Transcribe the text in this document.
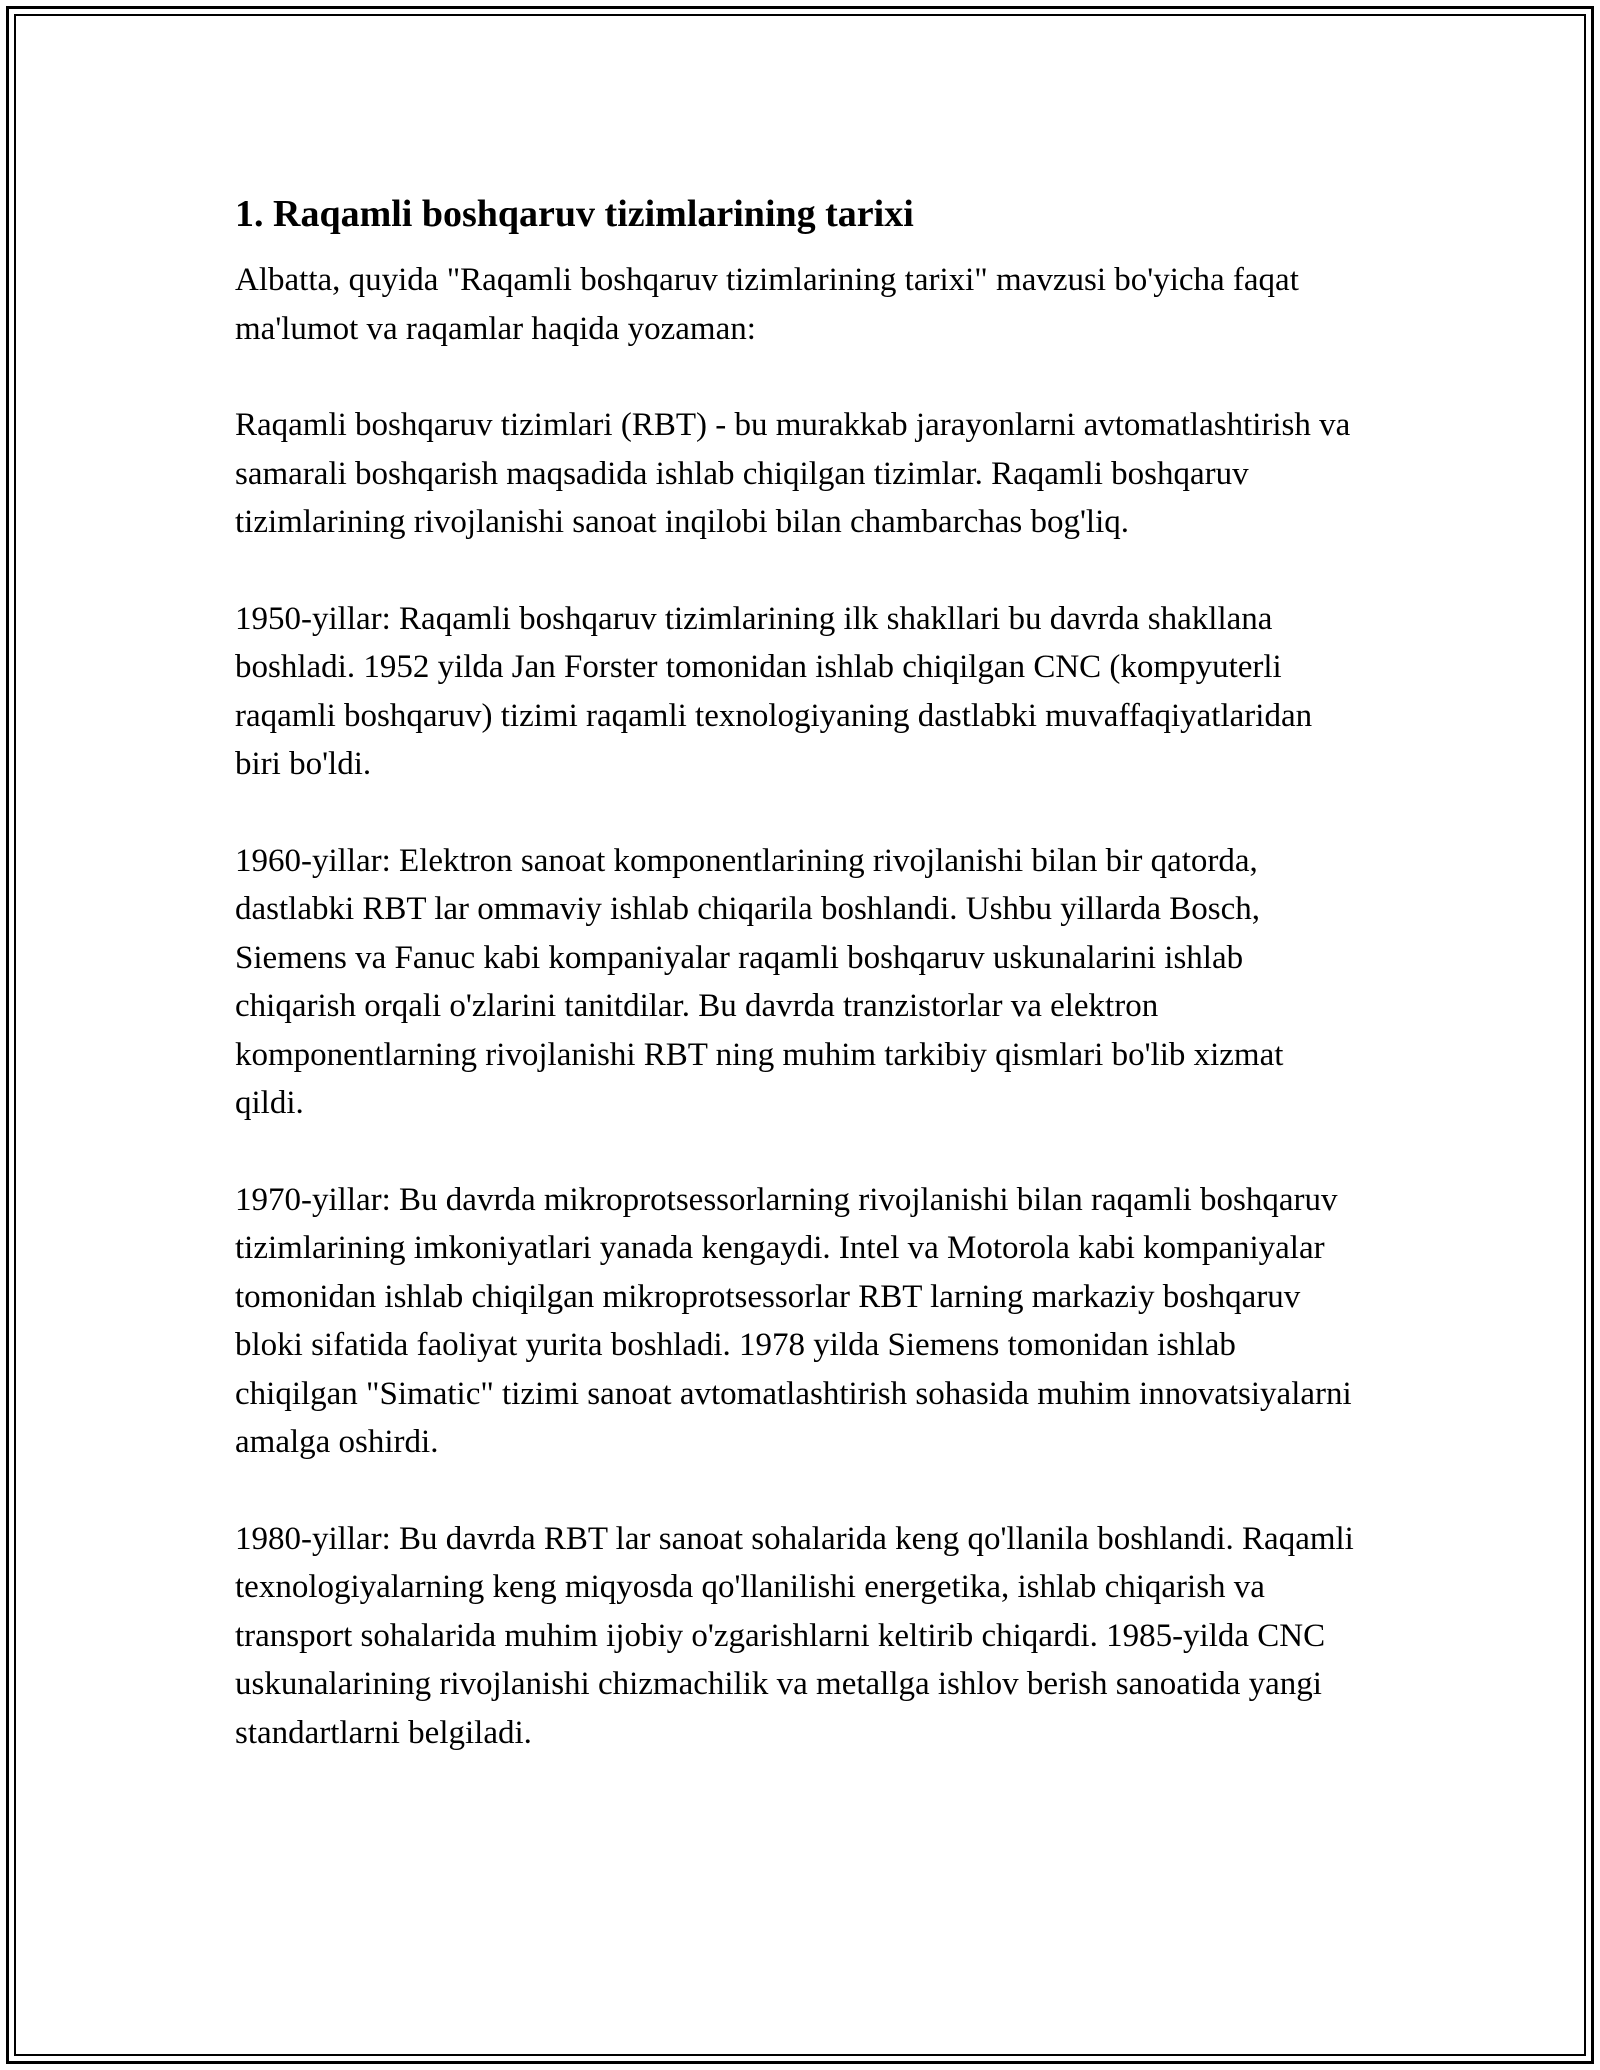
1. Raqamli boshqaruv tizimlarining tarixi

Albatta, quyida "Raqamli boshqaruv tizimlarining tarixi" mavzusi bo'yicha faqat ma'lumot va raqamlar haqida yozaman:

Raqamli boshqaruv tizimlari (RBT) - bu murakkab jarayonlarni avtomatlashtirish va samarali boshqarish maqsadida ishlab chiqilgan tizimlar. Raqamli boshqaruv tizimlarining rivojlanishi sanoat inqilobi bilan chambarchas bog'liq.

1950-yillar: Raqamli boshqaruv tizimlarining ilk shakllari bu davrda shakllana boshladi. 1952 yilda Jan Forster tomonidan ishlab chiqilgan CNC (kompyuterli raqamli boshqaruv) tizimi raqamli texnologiyaning dastlabki muvaffaqiyatlaridan biri bo'ldi.

1960-yillar: Elektron sanoat komponentlarining rivojlanishi bilan bir qatorda, dastlabki RBT lar ommaviy ishlab chiqarila boshlandi. Ushbu yillarda Bosch, Siemens va Fanuc kabi kompaniyalar raqamli boshqaruv uskunalarini ishlab chiqarish orqali o'zlarini tanitdilar. Bu davrda tranzistorlar va elektron komponentlarning rivojlanishi RBT ning muhim tarkibiy qismlari bo'lib xizmat qildi.

1970-yillar: Bu davrda mikroprotsessorlarning rivojlanishi bilan raqamli boshqaruv tizimlarining imkoniyatlari yanada kengaydi. Intel va Motorola kabi kompaniyalar tomonidan ishlab chiqilgan mikroprotsessorlar RBT larning markaziy boshqaruv bloki sifatida faoliyat yurita boshladi. 1978 yilda Siemens tomonidan ishlab chiqilgan "Simatic" tizimi sanoat avtomatlashtirish sohasida muhim innovatsiyalarni amalga oshirdi.

1980-yillar: Bu davrda RBT lar sanoat sohalarida keng qo'llanila boshlandi. Raqamli texnologiyalarning keng miqyosda qo'llanilishi energetika, ishlab chiqarish va transport sohalarida muhim ijobiy o'zgarishlarni keltirib chiqardi. 1985-yilda CNC uskunalarining rivojlanishi chizmachilik va metallga ishlov berish sanoatida yangi standartlarni belgiladi.
